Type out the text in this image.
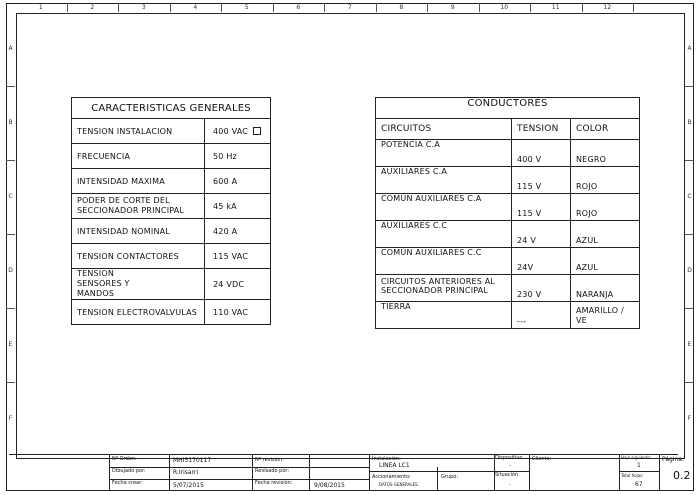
CARACTERISTICAS GENERALES	
TENSION INSTALACION	400 VAC
FRECUENCIA	50 Hz
INTENSIDAD MAXIMA	600 A
PODER DE CORTE DEL SECCIONADOR PRINCIPAL	45 kA
INTENSIDAD NOMINAL	420 A
TENSION CONTACTORES	115 VAC
TENSION SENSORES Y MANDOS	24 VDC
TENSION ELECTROVALVULAS	110 VAC
CONDUCTORES		
CIRCUITOS	TENSION	COLOR
POTENCIA C.A	400 V	NEGRO
AUXILIARES C.A	115 V	ROJO
COMÚN AUXILIARES C.A	115 V	ROJO
AUXILIARES C.C	24 V	AZUL
COMÚN AUXILIARES C.C	24V	AZUL
CIRCUITOS ANTERIORES AL SECCIONADOR PRINCIPAL	230 V	NARANJA
TIERRA	---	AMARILLO / VE
Nº Orden:	MHI5170117
Dibujado por:	R.Irisarri
Fecha crear:	5/07/2015
Nº revisión:
Revisado por:
Fecha revisión:	9/08/2015
Instalación:
LINEA LC1
Accionamiento:
DATOS GENERALES
Grupo:
Dispositivo
-
Situación
-
Cliente:	Hoja siguiente:
1
Total hojas:
67
Página:
0.2
1	2	3	4	5	6	7	8	9	10	11	12
A	A
B	B
C	C
D	D
E	E
F	F
